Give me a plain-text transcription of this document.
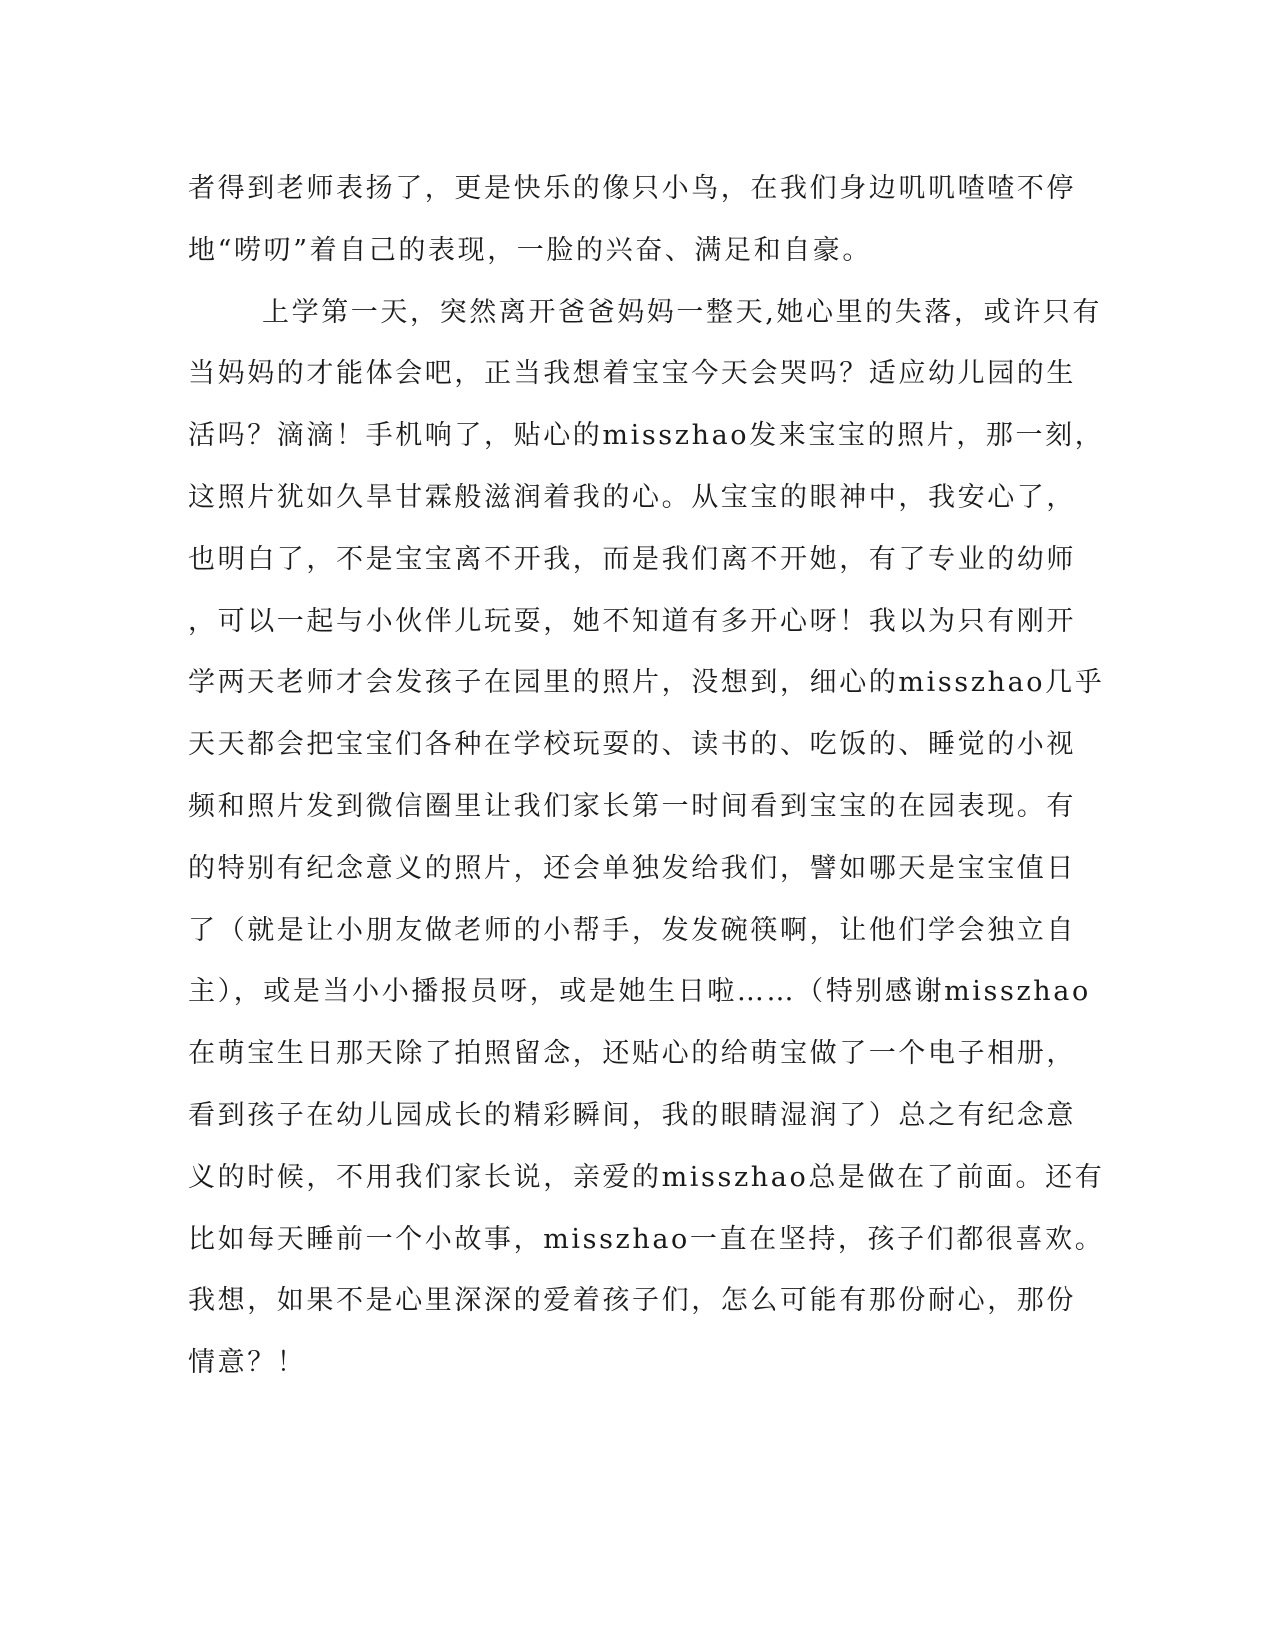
者得到老师表扬了，更是快乐的像只小鸟，在我们身边叽叽喳喳不停
地“唠叨”着自己的表现，一脸的兴奋、满足和自豪。
上学第一天，突然离开爸爸妈妈一整天,她心里的失落，或许只有
当妈妈的才能体会吧，正当我想着宝宝今天会哭吗？适应幼儿园的生
活吗？滴滴！手机响了，贴心的misszhao发来宝宝的照片，那一刻，
这照片犹如久旱甘霖般滋润着我的心。从宝宝的眼神中，我安心了，
也明白了，不是宝宝离不开我，而是我们离不开她，有了专业的幼师
，可以一起与小伙伴儿玩耍，她不知道有多开心呀！我以为只有刚开
学两天老师才会发孩子在园里的照片，没想到，细心的misszhao几乎
天天都会把宝宝们各种在学校玩耍的、读书的、吃饭的、睡觉的小视
频和照片发到微信圈里让我们家长第一时间看到宝宝的在园表现。有
的特别有纪念意义的照片，还会单独发给我们，譬如哪天是宝宝值日
了（就是让小朋友做老师的小帮手，发发碗筷啊，让他们学会独立自
主），或是当小小播报员呀，或是她生日啦……（特别感谢misszhao
在萌宝生日那天除了拍照留念，还贴心的给萌宝做了一个电子相册，
看到孩子在幼儿园成长的精彩瞬间，我的眼睛湿润了）总之有纪念意
义的时候，不用我们家长说，亲爱的misszhao总是做在了前面。还有
比如每天睡前一个小故事，misszhao一直在坚持，孩子们都很喜欢。
我想，如果不是心里深深的爱着孩子们，怎么可能有那份耐心，那份
情意？！
